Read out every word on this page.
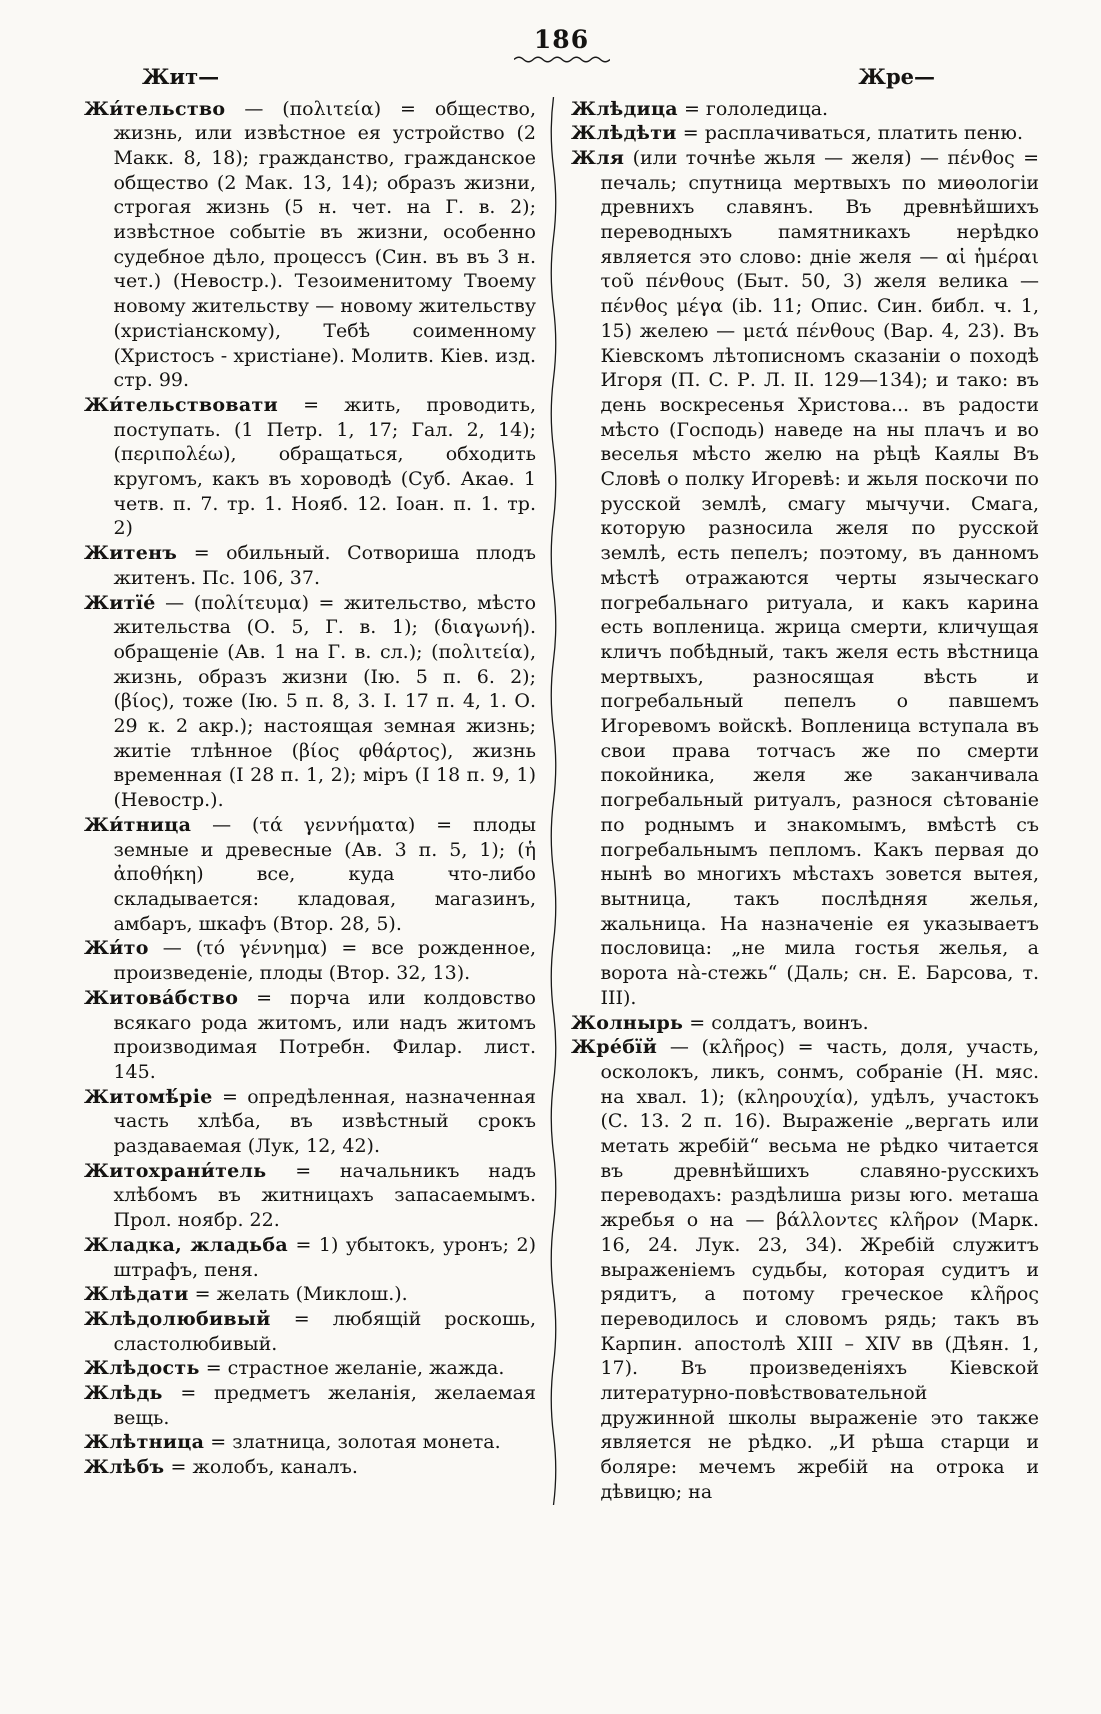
186
Жит—	Жре—

Жи́тельство — (πολιτεία) = общество, жизнь, или извѣстное ея устройство (2 Макк. 8, 18); гражданство, гражданское общество (2 Мак. 13, 14); образъ жизни, строгая жизнь (5 н. чет. на Г. в. 2); извѣстное событіе въ жизни, особенно судебное дѣло, процессъ (Син. въ въ 3 н. чет.) (Невостр.). Тезоименитому Твоему новому жительству — новому жительству (христіанскому), Тебѣ соименному (Христосъ - христіане). Молитв. Кіев. изд. стр. 99.

Жи́тельствовати = жить, проводить, поступать. (1 Петр. 1, 17; Гал. 2, 14); (περιπολέω), обращаться, обходить кругомъ, какъ въ хороводѣ (Суб. Акаѳ. 1 четв. п. 7. тр. 1. Нояб. 12. Іоан. п. 1. тр. 2)

Житенъ = обильный. Сотвориша плодъ житенъ. Пс. 106, 37.

Житїе́ — (πολίτευμα) = жительство, мѣсто жительства (О. 5, Г. в. 1); (διαγωνή). обращеніе (Ав. 1 на Г. в. сл.); (πολιτεία), жизнь, образъ жизни (Ію. 5 п. 6. 2); (βίος), тоже (Ію. 5 п. 8, 3. I. 17 п. 4, 1. О. 29 к. 2 акр.); настоящая земная жизнь; житіе тлѣнное (βίος φθάρτος), жизнь временная (I 28 п. 1, 2); міръ (I 18 п. 9, 1) (Невостр.).

Жи́тница — (τά γεννήματα) = плоды земные и древесные (Ав. 3 п. 5, 1); (ἡ ἀποθήκη) все, куда что-либо складывается: кладовая, магазинъ, амбаръ, шкафъ (Втор. 28, 5).

Жи́то — (τό γέννημα) = все рожденное, произведеніе, плоды (Втор. 32, 13).

Житова́бство = порча или колдовство всякаго рода житомъ, или надъ житомъ производимая Потребн. Филар. лист. 145.

Житомѣ́ріе = опредѣленная, назначенная часть хлѣба, въ извѣстный срокъ раздаваемая (Лук, 12, 42).

Житохрани́тель = начальникъ надъ хлѣбомъ въ житницахъ запасаемымъ. Прол. ноябр. 22.

Жладка, жладьба = 1) убытокъ, уронъ; 2) штрафъ, пеня.

Жлѣдати = желать (Миклош.).

Жлѣдолюбивый = любящій роскошь, сластолюбивый.

Жлѣдость = страстное желаніе, жажда.

Жлѣдь = предметъ желанія, желаемая вещь.

Жлѣтница = златница, золотая монета.

Жлѣбъ = жолобъ, каналъ.

Жлѣдица = гололедица.

Жлѣдѣти = расплачиваться, платить пеню.

Жля (или точнѣе жьля — желя) — πένθος = печаль; спутница мертвыхъ по миѳологіи древнихъ славянъ. Въ древнѣйшихъ переводныхъ памятникахъ нерѣдко является это слово: дніе желя — αἱ ἡμέραι τοῦ πένθους (Быт. 50, 3) желя велика — πένθος μέγα (ib. 11; Опис. Син. библ. ч. 1, 15) желею — μετά πένθους (Вар. 4, 23). Въ Кіевскомъ лѣтописномъ сказаніи о походѣ Игоря (П. С. Р. Л. II. 129—134); и тако: въ день воскресенья Христова... въ радости мѣсто (Господь) наведе на ны плачъ и во веселья мѣсто желю на рѣцѣ Каялы Въ Словѣ о полку Игоревѣ: и жьля поскочи по русской землѣ, смагу мычучи. Смага, которую разносила желя по русской землѣ, есть пепелъ; поэтому, въ данномъ мѣстѣ отражаются черты языческаго погребальнаго ритуала, и какъ карина есть вопленица. жрица смерти, кличущая кличъ побѣдный, такъ желя есть вѣстница мертвыхъ, разносящая вѣсть и погребальный пепелъ о павшемъ Игоревомъ войскѣ. Вопленица вступала въ свои права тотчасъ же по смерти покойника, желя же заканчивала погребальный ритуалъ, разнося сѣтованіе по роднымъ и знакомымъ, вмѣстѣ съ погребальнымъ пепломъ. Какъ первая до нынѣ во многихъ мѣстахъ зовется вытея, вытница, такъ послѣдняя желья, жальница. На назначеніе ея указываетъ пословица: „не мила гостья желья, а ворота на̀-стежь“ (Даль; сн. Е. Барсова, т. III).

Жолнырь = солдатъ, воинъ.

Жре́бїй — (κλῆρος) = часть, доля, участь, осколокъ, ликъ, сонмъ, собраніе (Н. мяс. на хвал. 1); (κληρουχία), удѣлъ, участокъ (С. 13. 2 п. 16). Выраженіе „вергать или метать жребій“ весьма не рѣдко читается въ древнѣйшихъ славяно-русскихъ переводахъ: раздѣлиша ризы юго. меташа жребья о на — βάλλοντες κλῆρον (Марк. 16, 24. Лук. 23, 34). Жребій служитъ выраженіемъ судьбы, которая судитъ и рядитъ, а потому греческое κλῆρος переводилось и словомъ рядь; такъ въ Карпин. апостолѣ XIII – XIV вв (Дѣян. 1, 17). Въ произведеніяхъ Кіевской литературно-повѣствовательной дружинной школы выраженіе это также является не рѣдко. „И рѣша старци и боляре: мечемъ жребій на отрока и дѣвицю; на
